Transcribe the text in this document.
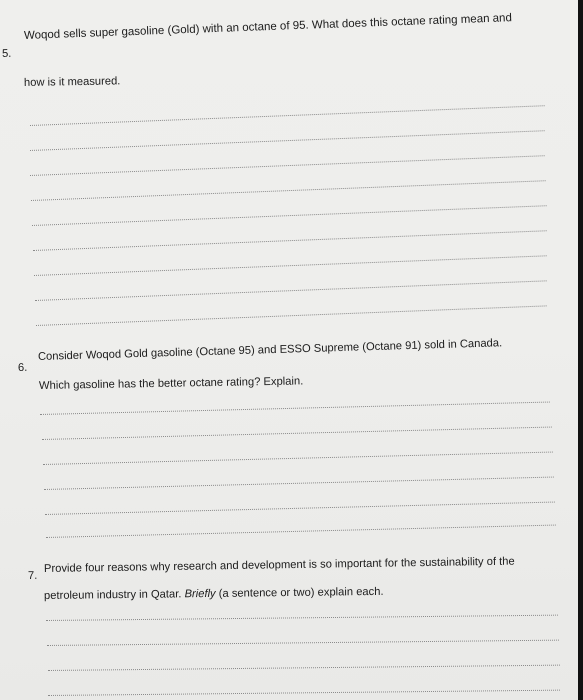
5.
Woqod sells super gasoline (Gold) with an octane of 95. What does this octane rating mean and
how is it measured.
6.
Consider Woqod Gold gasoline (Octane 95) and ESSO Supreme (Octane 91) sold in Canada.
Which gasoline has the better octane rating? Explain.
7.
Provide four reasons why research and development is so important for the sustainability of the
petroleum industry in Qatar. Briefly (a sentence or two) explain each.
